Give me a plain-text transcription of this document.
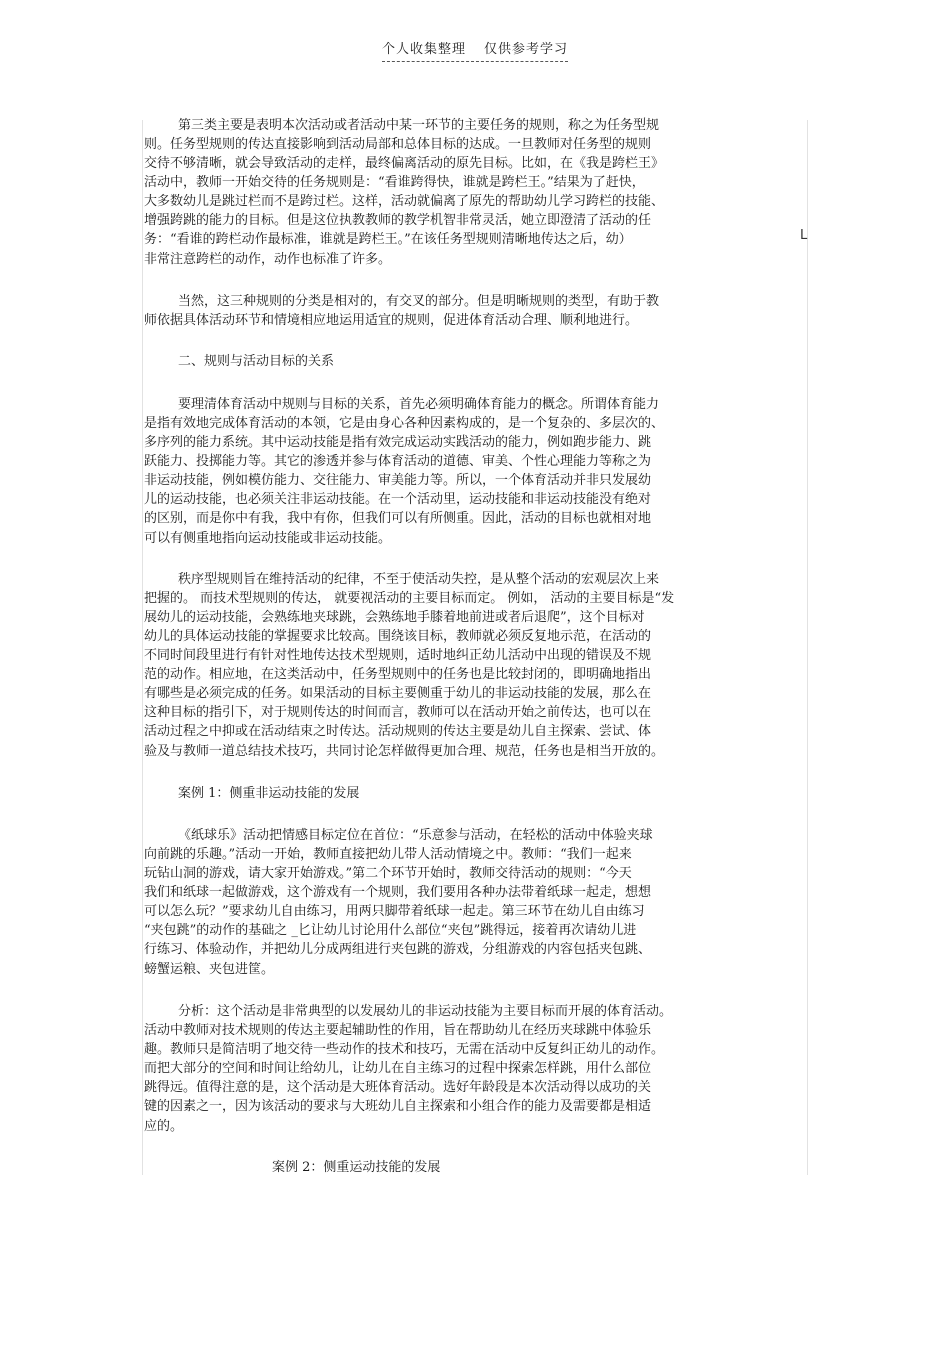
个人收集整理 仅供参考学习
L
第三类主要是表明本次活动或者活动中某一环节的主要任务的规则，称之为任务型规
则。任务型规则的传达直接影响到活动局部和总体目标的达成。一旦教师对任务型的规则
交待不够清晰，就会导致活动的走样，最终偏离活动的原先目标。比如，在《我是跨栏王》
活动中，教师一开始交待的任务规则是：“看谁跨得快，谁就是跨栏王。”结果为了赶快，
大多数幼儿是跳过栏而不是跨过栏。这样，活动就偏离了原先的帮助幼儿学习跨栏的技能、
增强跨跳的能力的目标。但是这位执教教师的教学机智非常灵活，她立即澄清了活动的任
务：“看谁的跨栏动作最标准，谁就是跨栏王。”在该任务型规则清晰地传达之后，幼）
非常注意跨栏的动作，动作也标准了许多。
当然，这三种规则的分类是相对的，有交叉的部分。但是明晰规则的类型，有助于教
师依据具体活动环节和情境相应地运用适宜的规则，促进体育活动合理、顺利地进行。
二、规则与活动目标的关系
要理清体育活动中规则与目标的关系，首先必须明确体育能力的概念。所谓体育能力
是指有效地完成体育活动的本领，它是由身心各种因素构成的，是一个复杂的、多层次的、
多序列的能力系统。其中运动技能是指有效完成运动实践活动的能力，例如跑步能力、跳
跃能力、投掷能力等。其它的渗透并参与体育活动的道德、审美、个性心理能力等称之为
非运动技能，例如模仿能力、交往能力、审美能力等。所以，一个体育活动并非只发展幼
儿的运动技能，也必须关注非运动技能。在一个活动里，运动技能和非运动技能没有绝对
的区别，而是你中有我，我中有你，但我们可以有所侧重。因此，活动的目标也就相对地
可以有侧重地指向运动技能或非运动技能。
秩序型规则旨在维持活动的纪律，不至于使活动失控，是从整个活动的宏观层次上来
把握的。 而技术型规则的传达， 就要视活动的主要目标而定。 例如， 活动的主要目标是“发
展幼儿的运动技能，会熟练地夹球跳，会熟练地手膝着地前进或者后退爬”，这个目标对
幼儿的具体运动技能的掌握要求比较高。围绕该目标，教师就必须反复地示范，在活动的
不同时间段里进行有针对性地传达技术型规则，适时地纠正幼儿活动中出现的错误及不规
范的动作。相应地，在这类活动中，任务型规则中的任务也是比较封闭的，即明确地指出
有哪些是必须完成的任务。如果活动的目标主要侧重于幼儿的非运动技能的发展，那么在
这种目标的指引下，对于规则传达的时间而言，教师可以在活动开始之前传达，也可以在
活动过程之中抑或在活动结束之时传达。活动规则的传达主要是幼儿自主探索、尝试、体
验及与教师一道总结技术技巧，共同讨论怎样做得更加合理、规范，任务也是相当开放的。
案例 1：侧重非运动技能的发展
《纸球乐》活动把情感目标定位在首位：“乐意参与活动，在轻松的活动中体验夹球
向前跳的乐趣。”活动一开始，教师直接把幼儿带人活动情境之中。教师：“我们一起来
玩钻山洞的游戏，请大家开始游戏。”第二个环节开始时，教师交待活动的规则：“今天
我们和纸球一起做游戏，这个游戏有一个规则，我们要用各种办法带着纸球一起走，想想
可以怎么玩？”要求幼儿自由练习，用两只脚带着纸球一起走。第三环节在幼儿自由练习
“夹包跳”的动作的基础之 _匕让幼儿讨论用什么部位“夹包”跳得远，接着再次请幼儿进
行练习、体验动作，并把幼儿分成两组进行夹包跳的游戏，分组游戏的内容包括夹包跳、
螃蟹运粮、夹包进筐。
分析：这个活动是非常典型的以发展幼儿的非运动技能为主要目标而开展的体育活动。
活动中教师对技术规则的传达主要起辅助性的作用，旨在帮助幼儿在经历夹球跳中体验乐
趣。教师只是简洁明了地交待一些动作的技术和技巧，无需在活动中反复纠正幼儿的动作。
而把大部分的空间和时间让给幼儿，让幼儿在自主练习的过程中探索怎样跳，用什么部位
跳得远。值得注意的是，这个活动是大班体育活动。选好年龄段是本次活动得以成功的关
键的因素之一，因为该活动的要求与大班幼儿自主探索和小组合作的能力及需要都是相适
应的。
案例 2：侧重运动技能的发展
